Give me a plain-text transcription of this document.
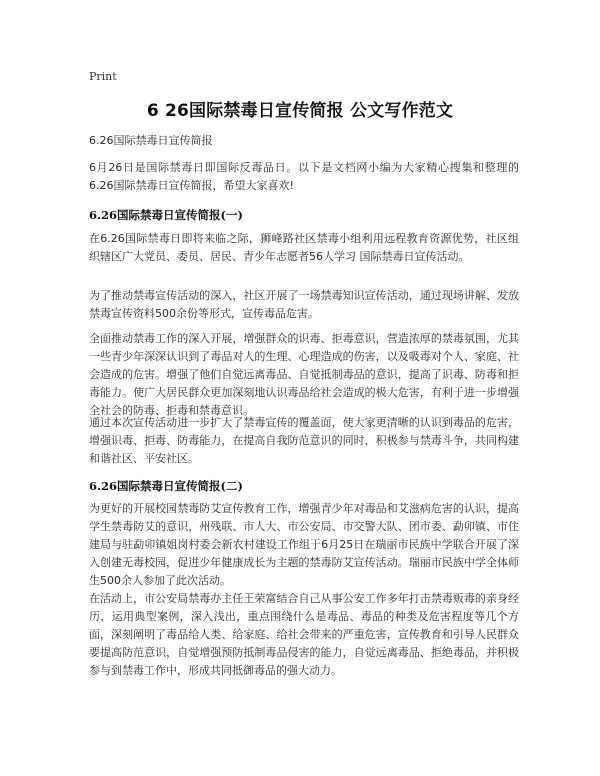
Print
6 26国际禁毒日宣传简报 公文写作范文
6.26国际禁毒日宣传简报
6月26日是国际禁毒日即国际反毒品日。以下是文档网小编为大家精心搜集和整理的6.26国际禁毒日宣传简报，希望大家喜欢!
6.26国际禁毒日宣传简报(一)
在6.26国际禁毒日即将来临之际，狮峰路社区禁毒小组利用远程教育资源优势，社区组织辖区广大党员、委员、居民、青少年志愿者56人学习 国际禁毒日宣传活动。
为了推动禁毒宣传活动的深入，社区开展了一场禁毒知识宣传活动，通过现场讲解、发放禁毒宣传资料500余份等形式，宣传毒品危害。
全面推动禁毒工作的深入开展，增强群众的识毒、拒毒意识，营造浓厚的禁毒氛围，尤其一些青少年深深认识到了毒品对人的生理、心理造成的伤害，以及吸毒对个人、家庭、社会造成的危害。增强了他们自觉远离毒品、自觉抵制毒品的意识，提高了识毒、防毒和拒毒能力。使广大居民群众更加深刻地认识毒品给社会造成的极大危害，有利于进一步增强全社会的防毒、拒毒和禁毒意识。
通过本次宣传活动进一步扩大了禁毒宣传的覆盖面，使大家更清晰的认识到毒品的危害，增强识毒、拒毒、防毒能力，在提高自我防范意识的同时，积极参与禁毒斗争，共同构建和谐社区、平安社区。
6.26国际禁毒日宣传简报(二)
为更好的开展校园禁毒防艾宣传教育工作，增强青少年对毒品和艾滋病危害的认识，提高学生禁毒防艾的意识，州残联、市人大、市公安局、市交警大队、团市委、勐卯镇、市住建局与驻勐卯镇姐岗村委会新农村建设工作组于6月25日在瑞丽市民族中学联合开展了深入创建无毒校园，促进少年健康成长为主题的禁毒防艾宣传活动。瑞丽市民族中学全体师生500余人参加了此次活动。
在活动上，市公安局禁毒办主任王荣富结合自己从事公安工作多年打击禁毒贩毒的亲身经历，运用典型案例，深入浅出，重点围绕什么是毒品、毒品的种类及危害程度等几个方面，深刻阐明了毒品给人类、给家庭、给社会带来的严重危害，宣传教育和引导人民群众要提高防范意识，自觉增强预防抵制毒品侵害的能力，自觉远离毒品、拒绝毒品，并积极参与到禁毒工作中，形成共同抵御毒品的强大动力。
